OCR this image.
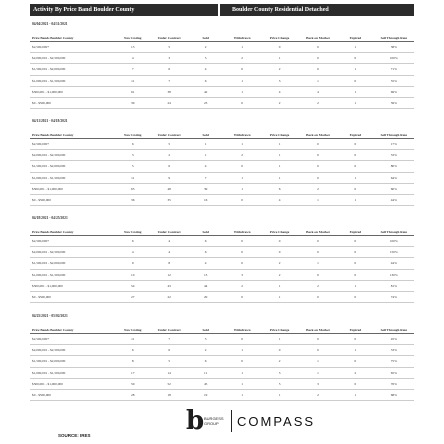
Activity By Price Band Boulder County	Boulder County Residential Detached
04/04/2021 - 04/11/2021
Price Bands Boulder County	New Listing	Under Contract	Sold	Withdrawn	Price Change	Back on Market	Expired	Sell Through Rate
$2,500,000+	13	5	2	1	0	0	1	38%
$2,000,001 - $2,500,000	4	3	5	2	1	0	0	100%
$1,500,001 - $2,000,000	7	6	4	0	2	0	1	71%
$1,000,001 - $1,500,000	11	7	6	1	3	1	0	55%
$500,001 - $1,000,000	61	38	42	1	4	4	1	69%
$0 - $500,000	39	24	23	0	2	2	1	59%
04/11/2021 - 04/18/2021
Price Bands Boulder County	New Listing	Under Contract	Sold	Withdrawn	Price Change	Back on Market	Expired	Sell Through Rate
$2,500,000+	6	5	1	1	1	0	0	17%
$2,000,001 - $2,500,000	3	2	1	2	1	0	0	33%
$1,500,001 - $2,000,000	5	6	4	0	1	0	0	80%
$1,000,001 - $1,500,000	11	9	7	1	1	0	1	64%
$500,001 - $1,000,000	65	48	39	1	6	2	0	60%
$0 - $500,000	36	35	16	0	4	1	1	44%
04/18/2021 - 04/25/2021
Price Bands Boulder County	New Listing	Under Contract	Sold	Withdrawn	Price Change	Back on Market	Expired	Sell Through Rate
$2,500,000+	6	4	6	0	0	0	0	100%
$2,000,001 - $2,500,000	4	4	6	0	0	0	0	150%
$1,500,001 - $2,000,000	9	8	4	0	2	1	0	44%
$1,000,001 - $1,500,000	10	12	13	3	2	0	0	130%
$500,001 - $1,000,000	54	43	44	2	1	2	1	81%
$0 - $500,000	27	22	20	0	1	0	0	74%
04/25/2021 - 05/02/2021
Price Bands Boulder County	New Listing	Under Contract	Sold	Withdrawn	Price Change	Back on Market	Expired	Sell Through Rate
$2,500,000+	11	7	5	0	1	0	0	45%
$2,000,001 - $2,500,000	6	6	2	1	0	0	1	33%
$1,500,001 - $2,000,000	8	5	6	0	2	1	0	75%
$1,000,001 - $1,500,000	17	14	11	1	3	1	2	65%
$500,001 - $1,000,000	59	52	45	1	5	3	0	76%
$0 - $500,000	28	18	19	1	1	2	1	68%
b BURGESS
GROUP	COMPASS
SOURCE: IRES
